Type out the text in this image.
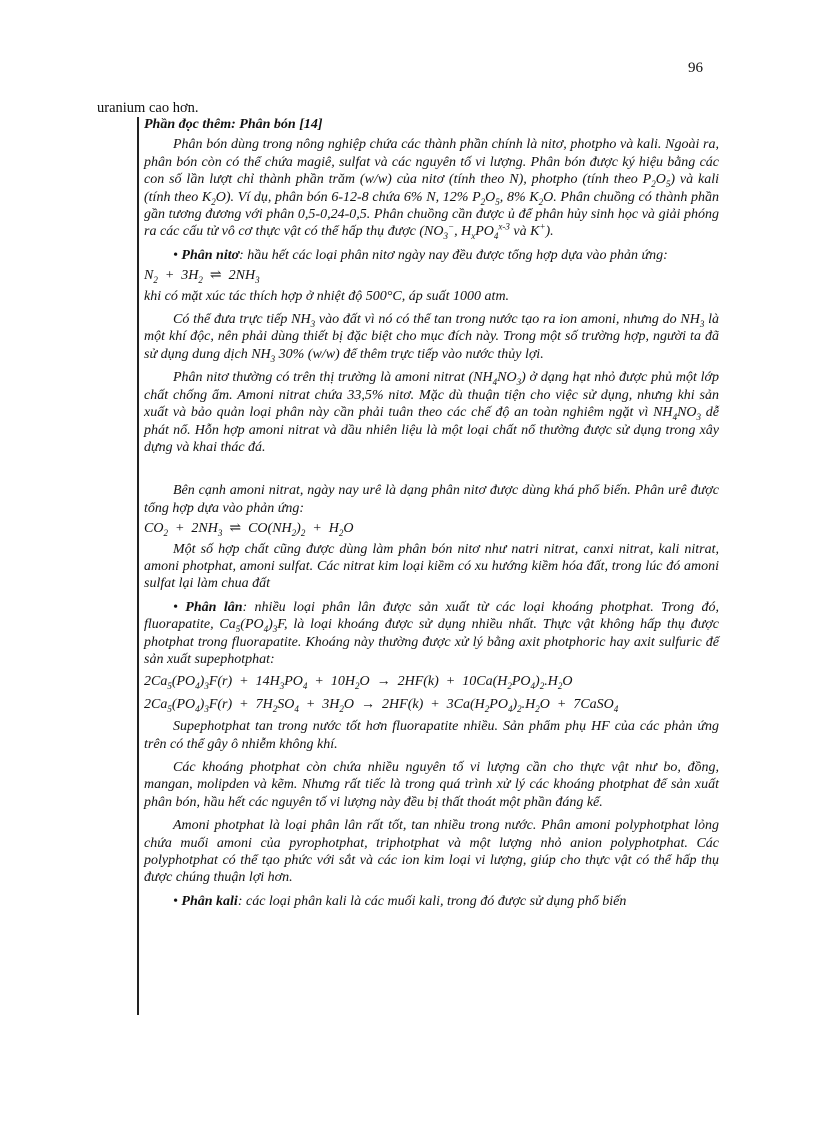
96
uranium cao hơn.

Phần đọc thêm: Phân bón [14]

Phân bón dùng trong nông nghiệp chứa các thành phần chính là nitơ, photpho và kali. Ngoài ra, phân bón còn có thể chứa magiê, sulfat và các nguyên tố vi lượng. Phân bón được ký hiệu bằng các con số lần lượt chỉ thành phần trăm (w/w) của nitơ (tính theo N), photpho (tính theo $P_2O_5$) và kali (tính theo $K_2O$). Ví dụ, phân bón 6-12-8 chứa 6% N, 12% $P_2O_5$, 8% $K_2O$. Phân chuồng có thành phần gần tương đương với phân 0,5-0,24-0,5. Phân chuồng cần được ủ để phân hủy sinh học và giải phóng ra các cấu tử vô cơ thực vật có thể hấp thụ được ($NO_3^-$, $H_xPO_4^{x-3}$ và K+).

• Phân nitơ: hầu hết các loại phân nitơ ngày nay đều được tổng hợp dựa vào phản ứng:

$N_2 + 3H_2$  ⇌  $2NH_3$

khi có mặt xúc tác thích hợp ở nhiệt độ 500°C, áp suất 1000 atm.

Có thể đưa trực tiếp $NH_3$ vào đất vì nó có thể tan trong nước tạo ra ion amoni, nhưng do $NH_3$ là một khí độc, nên phải dùng thiết bị đặc biệt cho mục đích này. Trong một số trường hợp, người ta đã sử dụng dung dịch $NH_3$ 30% (w/w) để thêm trực tiếp vào nước thủy lợi.

Phân nitơ thường có trên thị trường là amoni nitrat $(NH_4NO_3)$ ở dạng hạt nhỏ được phủ một lớp chất chống ẩm. Amoni nitrat chứa 33,5% nitơ. Mặc dù thuận tiện cho việc sử dụng, nhưng khi sản xuất và bảo quản loại phân này cần phải tuân theo các chế độ an toàn nghiêm ngặt vì $NH_4NO_3$ dễ phát nổ. Hỗn hợp amoni nitrat và dầu nhiên liệu là một loại chất nổ thường được sử dụng trong xây dựng và khai thác đá.

Bên cạnh amoni nitrat, ngày nay urê là dạng phân nitơ được dùng khá phổ biến. Phân urê được tổng hợp dựa vào phản ứng:

$CO_2 + 2NH_3$  ⇌  $CO(NH_2)_2 + H_2O$

Một số hợp chất cũng được dùng làm phân bón nitơ như natri nitrat, canxi nitrat, kali nitrat, amoni photphat, amoni sulfat. Các nitrat kim loại kiềm có xu hướng kiềm hóa đất, trong lúc đó amoni sulfat lại làm chua đất

• Phân lân: nhiều loại phân lân được sản xuất từ các loại khoáng photphat. Trong đó, fluorapatite, $Ca_5(PO_4)_3F$, là loại khoáng được sử dụng nhiều nhất. Thực vật không hấp thụ được photphat trong fluorapatite. Khoáng này thường được xử lý bằng axit photphoric hay axit sulfuric để sản xuất supephotphat:

$2Ca_5(PO_4)_3F(r) + 14H_3PO_4 + 10H_2O \to 2HF(k) + 10Ca(H_2PO_4)_2.H_2O$

$2Ca_5(PO_4)_3F(r) + 7H_2SO_4 + 3H_2O \to 2HF(k) + 3Ca(H_2PO_4)_2.H_2O$  +  7CaSO$_4$

Supephotphat tan trong nước tốt hơn fluorapatite nhiều. Sản phẩm phụ HF của các phản ứng trên có thể gây ô nhiễm không khí.

Các khoáng photphat còn chứa nhiều nguyên tố vi lượng cần cho thực vật như bo, đồng, mangan, molipden và kẽm. Nhưng rất tiếc là trong quá trình xử lý các khoáng photphat để sản xuất phân bón, hầu hết các nguyên tố vi lượng này đều bị thất thoát một phần đáng kể.

Amoni photphat là loại phân lân rất tốt, tan nhiều trong nước. Phân amoni polyphotphat lỏng chứa muối amoni của pyrophotphat, triphotphat và một lượng nhỏ anion polyphotphat. Các polyphotphat có thể tạo phức với sắt và các ion kim loại vi lượng, giúp cho thực vật có thể hấp thụ được chúng thuận lợi hơn.

• Phân kali: các loại phân kali là các muối kali, trong đó được sử dụng phổ biến
